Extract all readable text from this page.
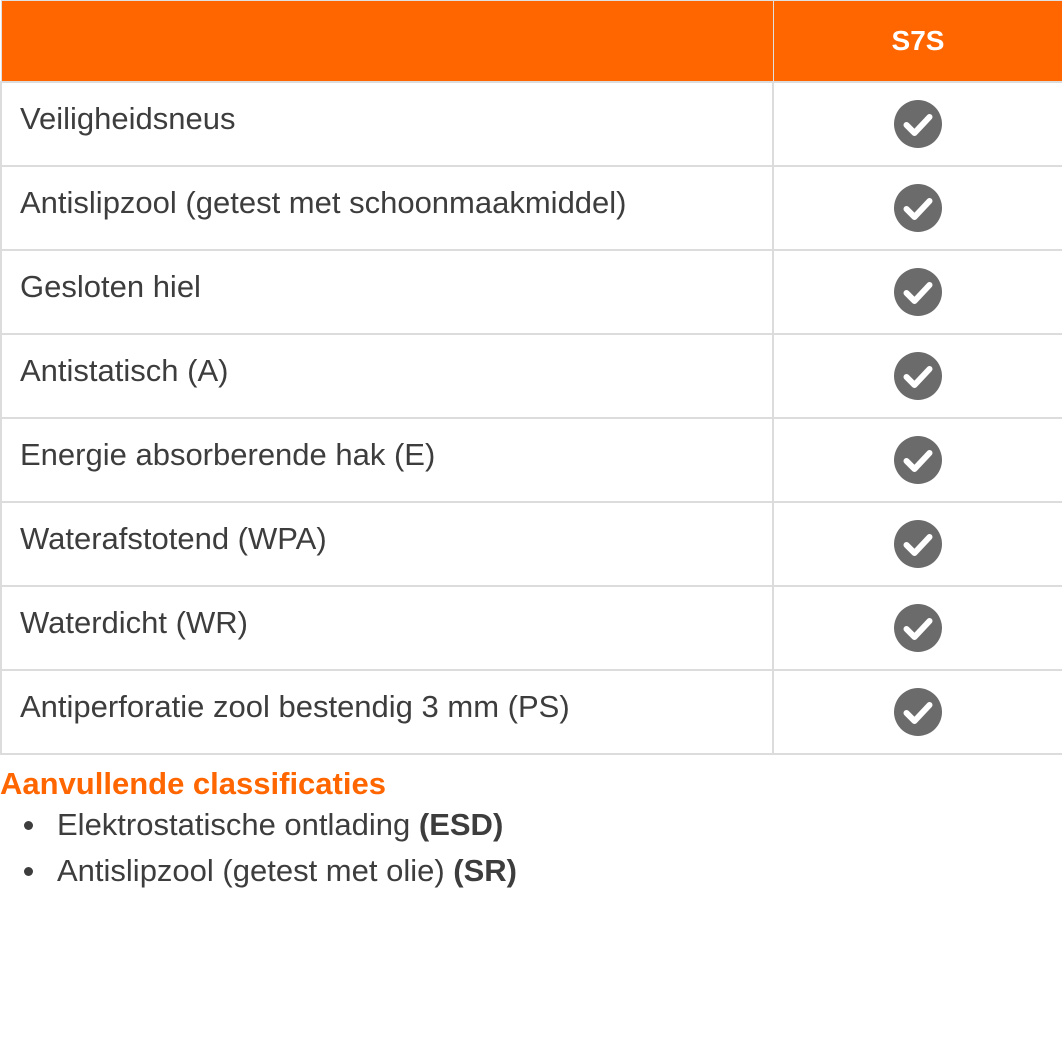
	S7S
Veiligheidsneus	
Antislipzool (getest met schoonmaakmiddel)	
Gesloten hiel	
Antistatisch (A)	
Energie absorberende hak (E)	
Waterafstotend (WPA)	
Waterdicht (WR)	
Antiperforatie zool bestendig 3 mm (PS)	
Aanvullende classificaties
Elektrostatische ontlading (ESD)
Antislipzool (getest met olie) (SR)
